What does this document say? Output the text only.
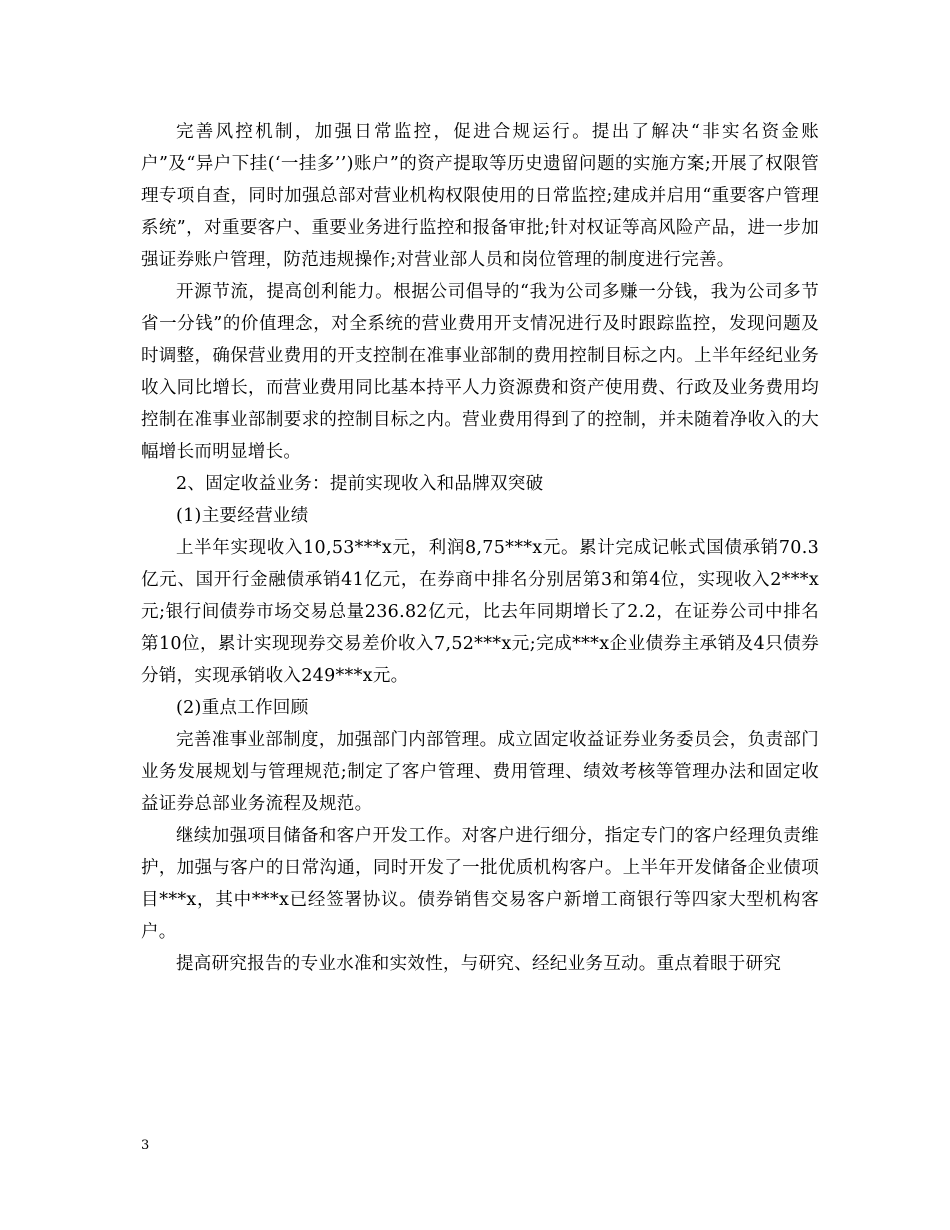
完善风控机制，加强日常监控，促进合规运行。提出了解决“非实名资金账户”及“异户下挂(‘一挂多’’)账户”的资产提取等历史遗留问题的实施方案;开展了权限管理专项自查，同时加强总部对营业机构权限使用的日常监控;建成并启用“重要客户管理系统”，对重要客户、重要业务进行监控和报备审批;针对权证等高风险产品，进一步加强证券账户管理，防范违规操作;对营业部人员和岗位管理的制度进行完善。

开源节流，提高创利能力。根据公司倡导的“我为公司多赚一分钱，我为公司多节省一分钱”的价值理念，对全系统的营业费用开支情况进行及时跟踪监控，发现问题及时调整，确保营业费用的开支控制在准事业部制的费用控制目标之内。上半年经纪业务收入同比增长，而营业费用同比基本持平人力资源费和资产使用费、行政及业务费用均控制在准事业部制要求的控制目标之内。营业费用得到了的控制，并未随着净收入的大幅增长而明显增长。

2、固定收益业务：提前实现收入和品牌双突破

(1)主要经营业绩

上半年实现收入10,53***x元，利润8,75***x元。累计完成记帐式国债承销70.3亿元、国开行金融债承销41亿元，在券商中排名分别居第3和第4位，实现收入2***x元;银行间债券市场交易总量236.82亿元，比去年同期增长了2.2，在证券公司中排名第10位，累计实现现券交易差价收入7,52***x元;完成***x企业债券主承销及4只债券分销，实现承销收入249***x元。

(2)重点工作回顾

完善准事业部制度，加强部门内部管理。成立固定收益证券业务委员会，负责部门业务发展规划与管理规范;制定了客户管理、费用管理、绩效考核等管理办法和固定收益证券总部业务流程及规范。

继续加强项目储备和客户开发工作。对客户进行细分，指定专门的客户经理负责维护，加强与客户的日常沟通，同时开发了一批优质机构客户。上半年开发储备企业债项目***x，其中***x已经签署协议。债券销售交易客户新增工商银行等四家大型机构客户。

提高研究报告的专业水准和实效性，与研究、经纪业务互动。重点着眼于研究

3
